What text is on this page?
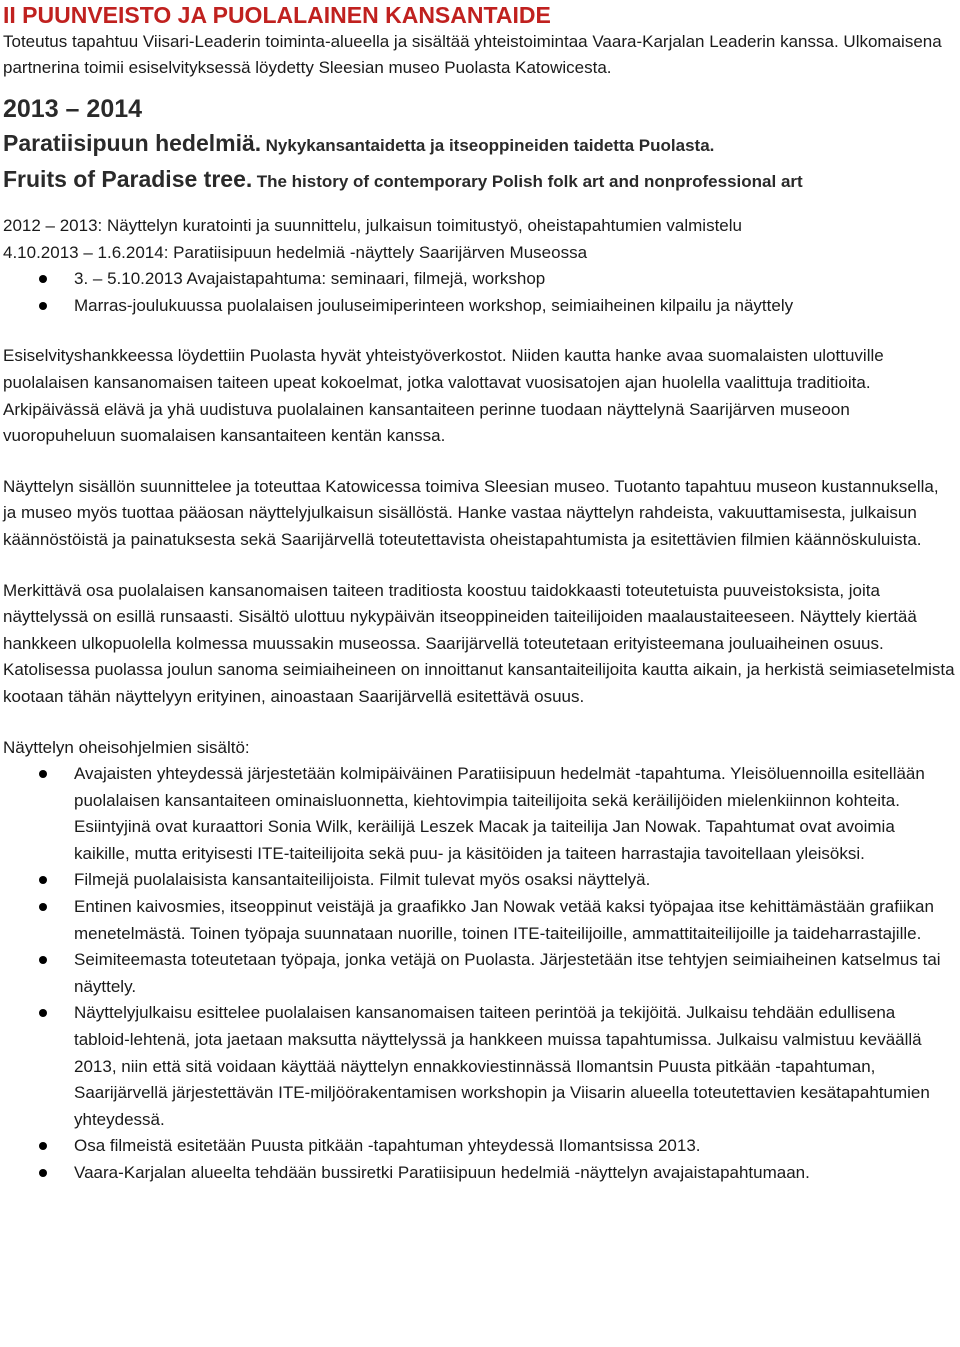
II PUUNVEISTO JA PUOLALAINEN KANSANTAIDE

Toteutus tapahtuu Viisari-Leaderin toiminta-alueella ja sisältää yhteistoimintaa Vaara-Karjalan Leaderin kanssa. Ulkomaisena partnerina toimii esiselvityksessä löydetty Sleesian museo Puolasta Katowicesta.

2013 – 2014

Paratiisipuun hedelmiä. Nykykansantaidetta ja itseoppineiden taidetta Puolasta.

Fruits of Paradise tree. The history of contemporary Polish folk art and nonprofessional art

2012 – 2013: Näyttelyn kuratointi ja suunnittelu, julkaisun toimitustyö, oheistapahtumien valmistelu

4.10.2013 – 1.6.2014: Paratiisipuun hedelmiä -näyttely Saarijärven Museossa

3. – 5.10.2013 Avajaistapahtuma: seminaari, filmejä, workshop
Marras-joulukuussa puolalaisen jouluseimiperinteen workshop, seimiaiheinen kilpailu ja näyttely

Esiselvityshankkeessa löydettiin Puolasta hyvät yhteistyöverkostot. Niiden kautta hanke avaa suomalaisten ulottuville puolalaisen kansanomaisen taiteen upeat kokoelmat, jotka valottavat vuosisatojen ajan huolella vaalittuja traditioita. Arkipäivässä elävä ja yhä uudistuva puolalainen kansantaiteen perinne tuodaan näyttelynä Saarijärven museoon vuoropuheluun suomalaisen kansantaiteen kentän kanssa.

Näyttelyn sisällön suunnittelee ja toteuttaa Katowicessa toimiva Sleesian museo. Tuotanto tapahtuu museon kustannuksella, ja museo myös tuottaa pääosan näyttelyjulkaisun sisällöstä. Hanke vastaa näyttelyn rahdeista, vakuuttamisesta, julkaisun käännöstöistä ja painatuksesta sekä Saarijärvellä toteutettavista oheistapahtumista ja esitettävien filmien käännöskuluista.

Merkittävä osa puolalaisen kansanomaisen taiteen traditiosta koostuu taidokkaasti toteutetuista puuveistoksista, joita näyttelyssä on esillä runsaasti. Sisältö ulottuu nykypäivän itseoppineiden taiteilijoiden maalaustaiteeseen. Näyttely kiertää hankkeen ulkopuolella kolmessa muussakin museossa. Saarijärvellä toteutetaan erityisteemana jouluaiheinen osuus. Katolisessa puolassa joulun sanoma seimiaiheineen on innoittanut kansantaiteilijoita kautta aikain, ja herkistä seimiasetelmista kootaan tähän näyttelyyn erityinen, ainoastaan Saarijärvellä esitettävä osuus.

Näyttelyn oheisohjelmien sisältö:

Avajaisten yhteydessä järjestetään kolmipäiväinen Paratiisipuun hedelmät -tapahtuma. Yleisöluennoilla esitellään puolalaisen kansantaiteen ominaisluonnetta, kiehtovimpia taiteilijoita sekä keräilijöiden mielenkiinnon kohteita. Esiintyjinä ovat kuraattori Sonia Wilk, keräilijä Leszek Macak ja taiteilija Jan Nowak. Tapahtumat ovat avoimia kaikille, mutta erityisesti ITE-taiteilijoita sekä puu- ja käsitöiden ja taiteen harrastajia tavoitellaan yleisöksi.
Filmejä puolalaisista kansantaiteilijoista. Filmit tulevat myös osaksi näyttelyä.
Entinen kaivosmies, itseoppinut veistäjä ja graafikko Jan Nowak vetää kaksi työpajaa itse kehittämästään grafiikan menetelmästä. Toinen työpaja suunnataan nuorille, toinen ITE-taiteilijoille, ammattitaiteilijoille ja taideharrastajille.
Seimiteemasta toteutetaan työpaja, jonka vetäjä on Puolasta. Järjestetään itse tehtyjen seimiaiheinen katselmus tai näyttely.
Näyttelyjulkaisu esittelee puolalaisen kansanomaisen taiteen perintöä ja tekijöitä. Julkaisu tehdään edullisena tabloid-lehtenä, jota jaetaan maksutta näyttelyssä ja hankkeen muissa tapahtumissa. Julkaisu valmistuu keväällä 2013, niin että sitä voidaan käyttää näyttelyn ennakkoviestinnässä Ilomantsin Puusta pitkään -tapahtuman, Saarijärvellä järjestettävän ITE-miljöörakentamisen workshopin ja Viisarin alueella toteutettavien kesätapahtumien yhteydessä.
Osa filmeistä esitetään Puusta pitkään -tapahtuman yhteydessä Ilomantsissa 2013.
Vaara-Karjalan alueelta tehdään bussiretki Paratiisipuun hedelmiä -näyttelyn avajaistapahtumaan.
